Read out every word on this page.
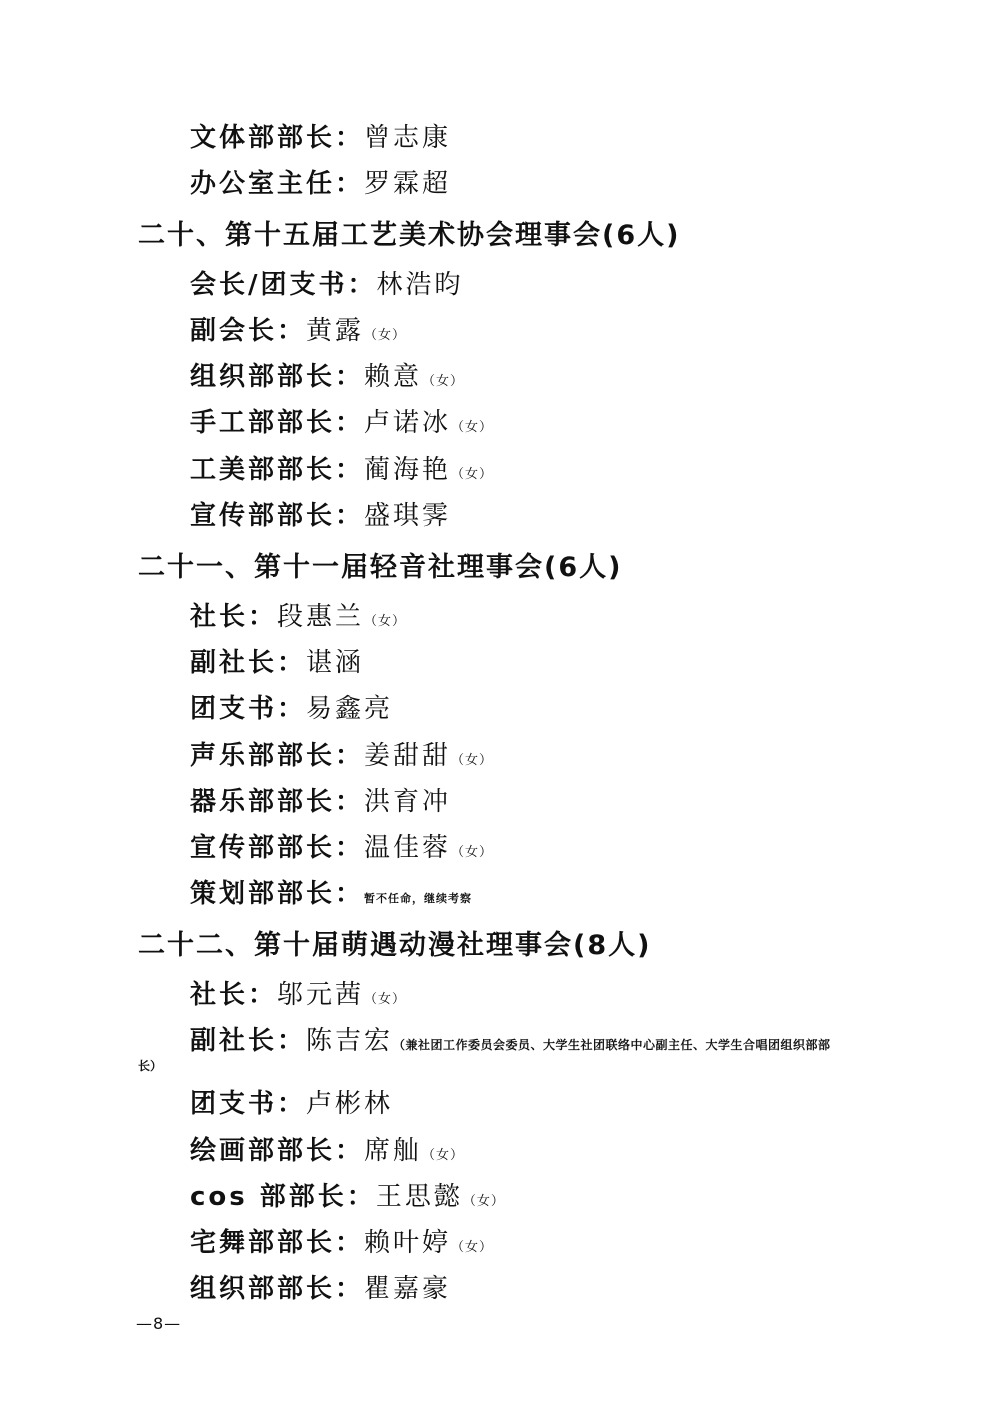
文体部部长：曾志康
办公室主任：罗霖超
二十、第十五届工艺美术协会理事会(6人)
会长/团支书：林浩昀
副会长：黄露（女）
组织部部长：赖意（女）
手工部部长：卢诺冰（女）
工美部部长：蔺海艳（女）
宣传部部长：盛琪霁
二十一、第十一届轻音社理事会(6人)
社长：段惠兰（女）
副社长：谌涵
团支书：易鑫亮
声乐部部长：姜甜甜（女）
器乐部部长：洪育冲
宣传部部长：温佳蓉（女）
策划部部长：暂不任命，继续考察
二十二、第十届萌遇动漫社理事会(8人)
社长：邬元茜（女）
副社长：陈吉宏（兼社团工作委员会委员、大学生社团联络中心副主任、大学生合唱团组织部部
长）
团支书：卢彬林
绘画部部长：席舢（女）
cos 部部长：王思懿（女）
宅舞部部长：赖叶婷（女）
组织部部长：瞿嘉豪
—8—
